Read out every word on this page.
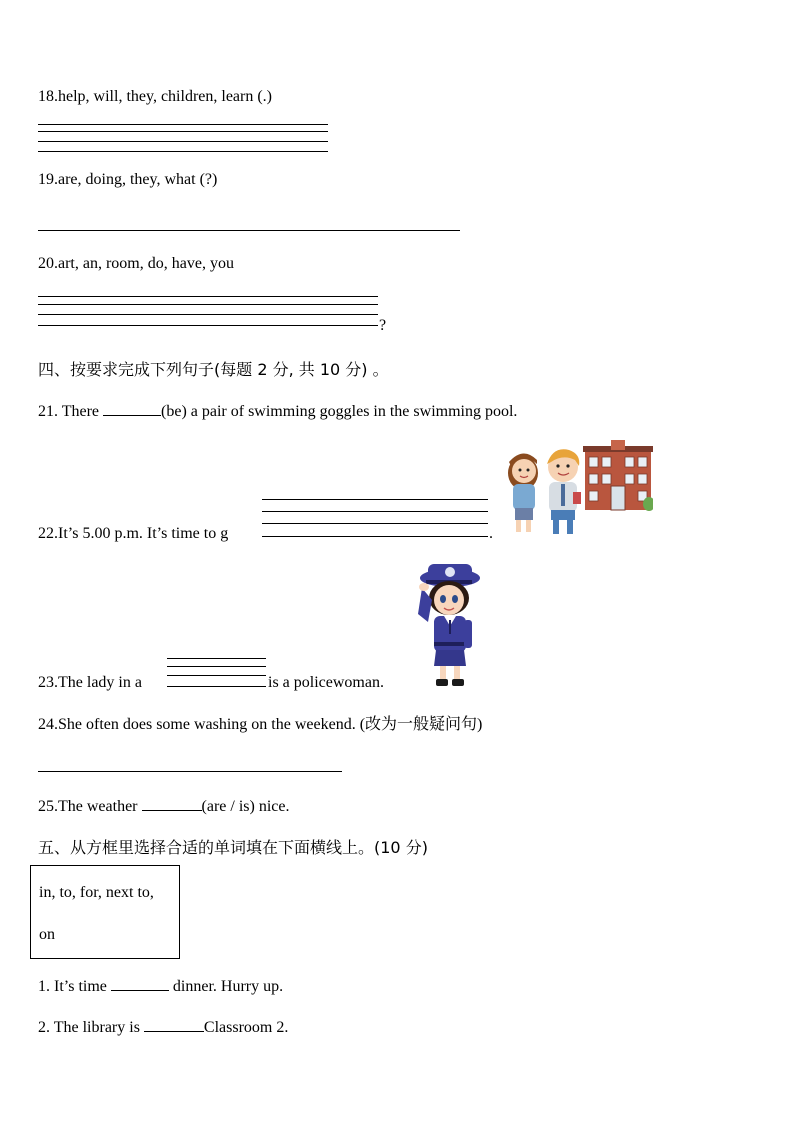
18.help, will, they, children, learn (.)
19.are, doing, they, what (?)
20.art, an, room, do, have, you
?
四、按要求完成下列句子(每题 2 分, 共 10 分) 。
21. There	(be) a pair of swimming goggles in the swimming pool.
22.It’s 5.00 p.m. It’s time to g	.
23.The lady in a	is a policewoman.
24.She often does some washing on the weekend. (改为一般疑问句)
25.The weather	(are / is) nice.
五、从方框里选择合适的单词填在下面横线上。(10 分)
in, to, for, next to,
on
1. It’s time	dinner. Hurry up.
2. The library is	Classroom 2.
